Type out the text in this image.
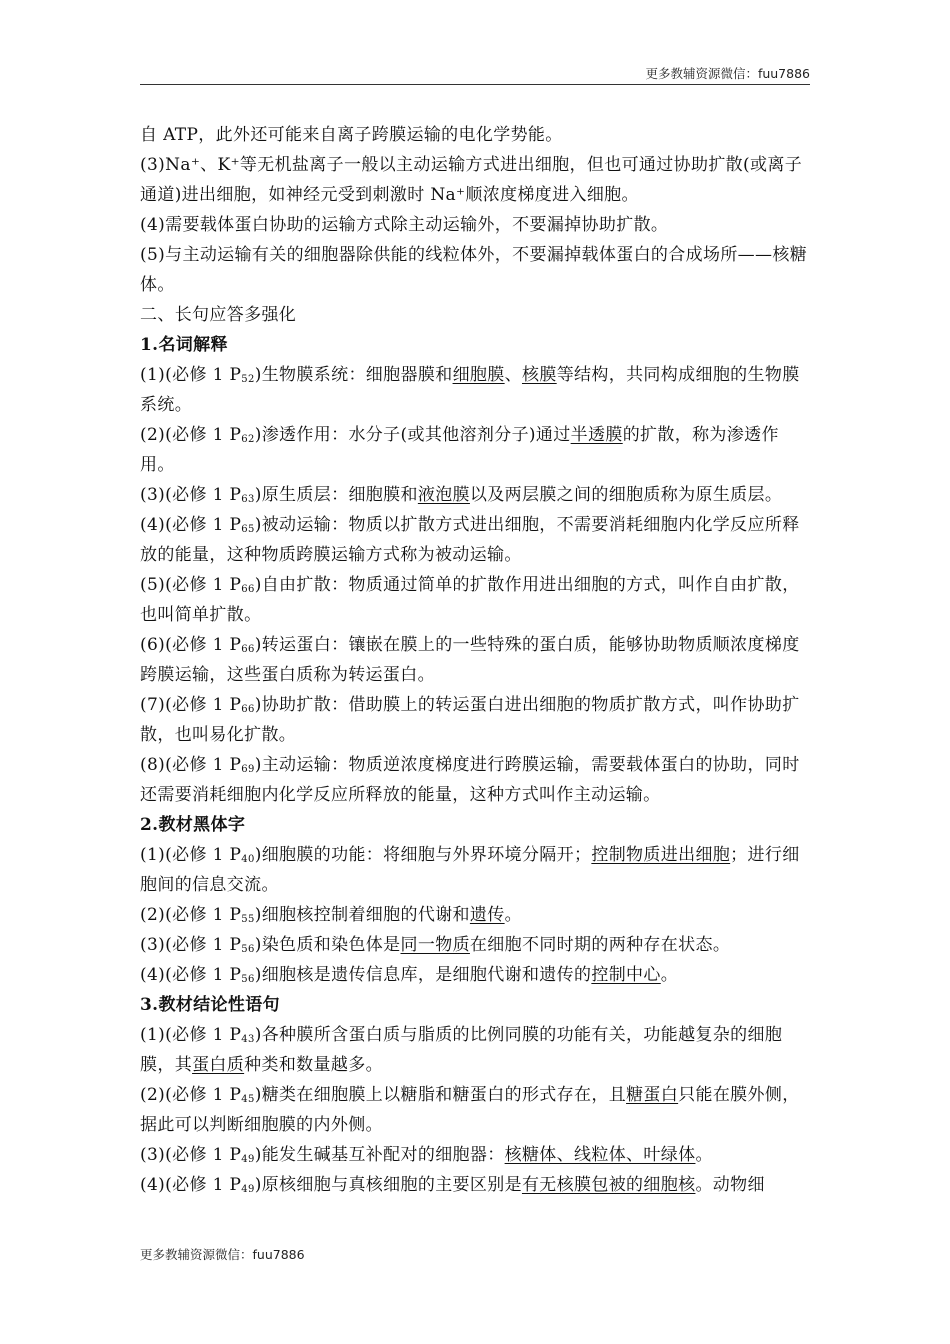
更多教辅资源微信：fuu7886

自 ATP，此外还可能来自离子跨膜运输的电化学势能。

(3)Na⁺、K⁺等无机盐离子一般以主动运输方式进出细胞，但也可通过协助扩散(或离子通道)进出细胞，如神经元受到刺激时 Na⁺顺浓度梯度进入细胞。

(4)需要载体蛋白协助的运输方式除主动运输外，不要漏掉协助扩散。

(5)与主动运输有关的细胞器除供能的线粒体外，不要漏掉载体蛋白的合成场所——核糖体。

二、长句应答多强化

1.名词解释

(1)(必修 1 $P_{52}$)生物膜系统：细胞器膜和细胞膜、核膜等结构，共同构成细胞的生物膜系统。

(2)(必修 1 $P_{62}$)渗透作用：水分子(或其他溶剂分子)通过半透膜的扩散，称为渗透作用。

(3)(必修 1 $P_{63}$)原生质层：细胞膜和液泡膜以及两层膜之间的细胞质称为原生质层。

(4)(必修 1 $P_{65}$)被动运输：物质以扩散方式进出细胞，不需要消耗细胞内化学反应所释放的能量，这种物质跨膜运输方式称为被动运输。

(5)(必修 1 $P_{66}$)自由扩散：物质通过简单的扩散作用进出细胞的方式，叫作自由扩散，也叫简单扩散。

(6)(必修 1 $P_{66}$)转运蛋白：镶嵌在膜上的一些特殊的蛋白质，能够协助物质顺浓度梯度跨膜运输，这些蛋白质称为转运蛋白。

(7)(必修 1 $P_{66}$)协助扩散：借助膜上的转运蛋白进出细胞的物质扩散方式，叫作协助扩散，也叫易化扩散。

(8)(必修 1 $P_{69}$)主动运输：物质逆浓度梯度进行跨膜运输，需要载体蛋白的协助，同时还需要消耗细胞内化学反应所释放的能量，这种方式叫作主动运输。

2.教材黑体字

(1)(必修 1 $P_{40}$)细胞膜的功能：将细胞与外界环境分隔开；控制物质进出细胞；进行细胞间的信息交流。

(2)(必修 1 $P_{55}$)细胞核控制着细胞的代谢和遗传。

(3)(必修 1 $P_{56}$)染色质和染色体是同一物质在细胞不同时期的两种存在状态。

(4)(必修 1 $P_{56}$)细胞核是遗传信息库，是细胞代谢和遗传的控制中心。

3.教材结论性语句

(1)(必修 1 $P_{43}$)各种膜所含蛋白质与脂质的比例同膜的功能有关，功能越复杂的细胞膜，其蛋白质种类和数量越多。

(2)(必修 1 $P_{45}$)糖类在细胞膜上以糖脂和糖蛋白的形式存在，且糖蛋白只能在膜外侧，据此可以判断细胞膜的内外侧。

(3)(必修 1 $P_{49}$)能发生碱基互补配对的细胞器：核糖体、线粒体、叶绿体。

(4)(必修 1 $P_{49}$)原核细胞与真核细胞的主要区别是有无核膜包被的细胞核。动物细

更多教辅资源微信：fuu7886
